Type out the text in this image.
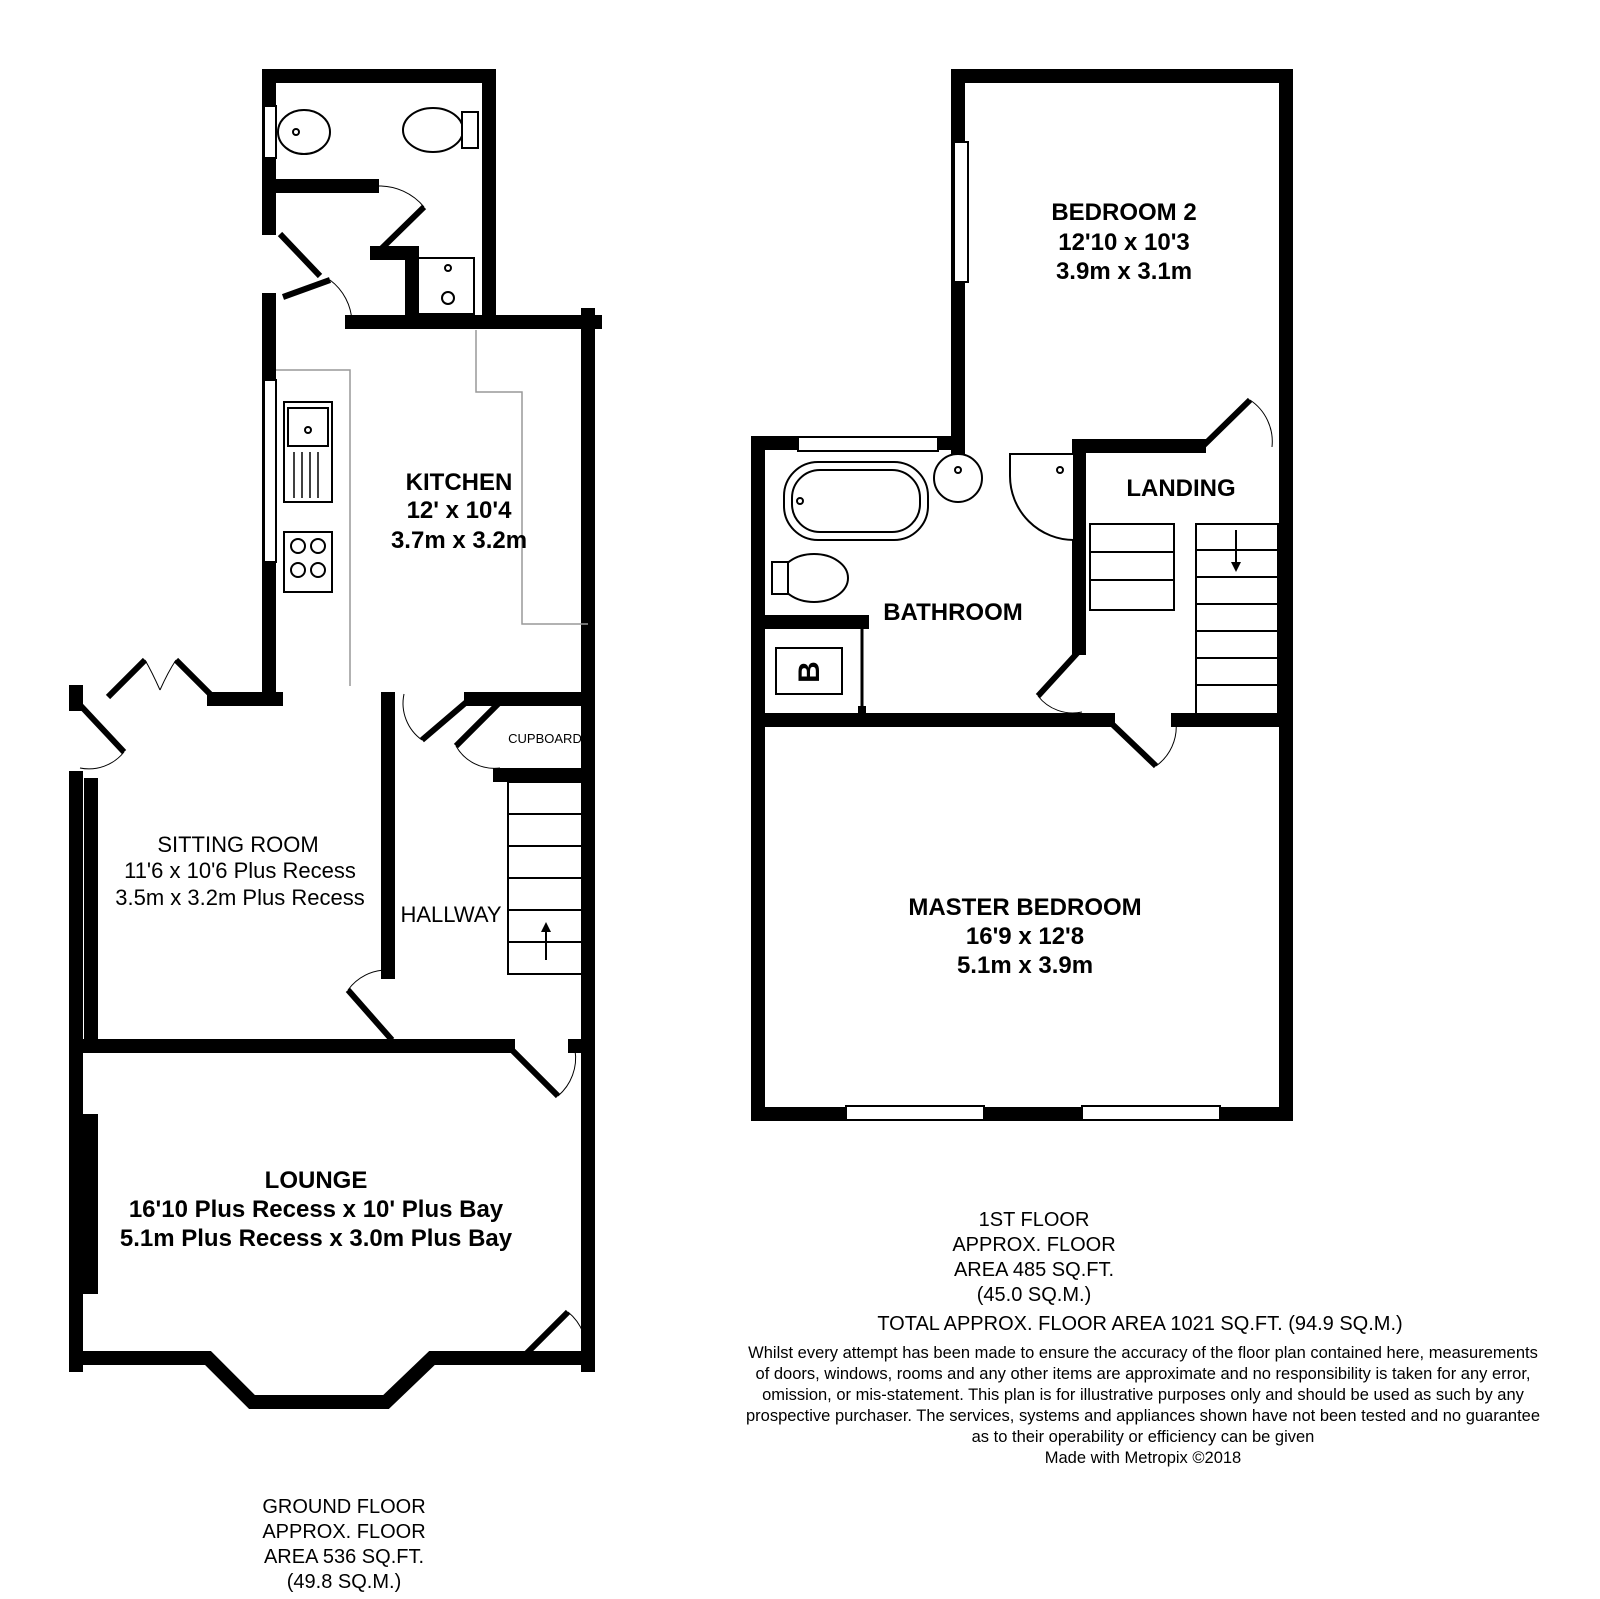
KITCHEN
12' x 10'4
3.7m x 3.2m
CUPBOARD
SITTING ROOM
11'6 x 10'6 Plus Recess
3.5m x 3.2m Plus Recess
HALLWAY
LOUNGE
16'10 Plus Recess x 10' Plus Bay
5.1m Plus Recess x 3.0m Plus Bay
BEDROOM 2
12'10 x 10'3
3.9m x 3.1m
LANDING
BATHROOM
B
MASTER BEDROOM
16'9 x 12'8
5.1m x 3.9m
1ST FLOOR
APPROX. FLOOR
AREA 485 SQ.FT.
(45.0 SQ.M.)
TOTAL APPROX. FLOOR AREA 1021 SQ.FT. (94.9 SQ.M.)
Whilst every attempt has been made to ensure the accuracy of the floor plan contained here, measurements
of doors, windows, rooms and any other items are approximate and no responsibility is taken for any error,
omission, or mis-statement. This plan is for illustrative purposes only and should be used as such by any
prospective purchaser. The services, systems and appliances shown have not been tested and no guarantee
as to their operability or efficiency can be given
Made with Metropix ©2018
GROUND FLOOR
APPROX. FLOOR
AREA 536 SQ.FT.
(49.8 SQ.M.)
